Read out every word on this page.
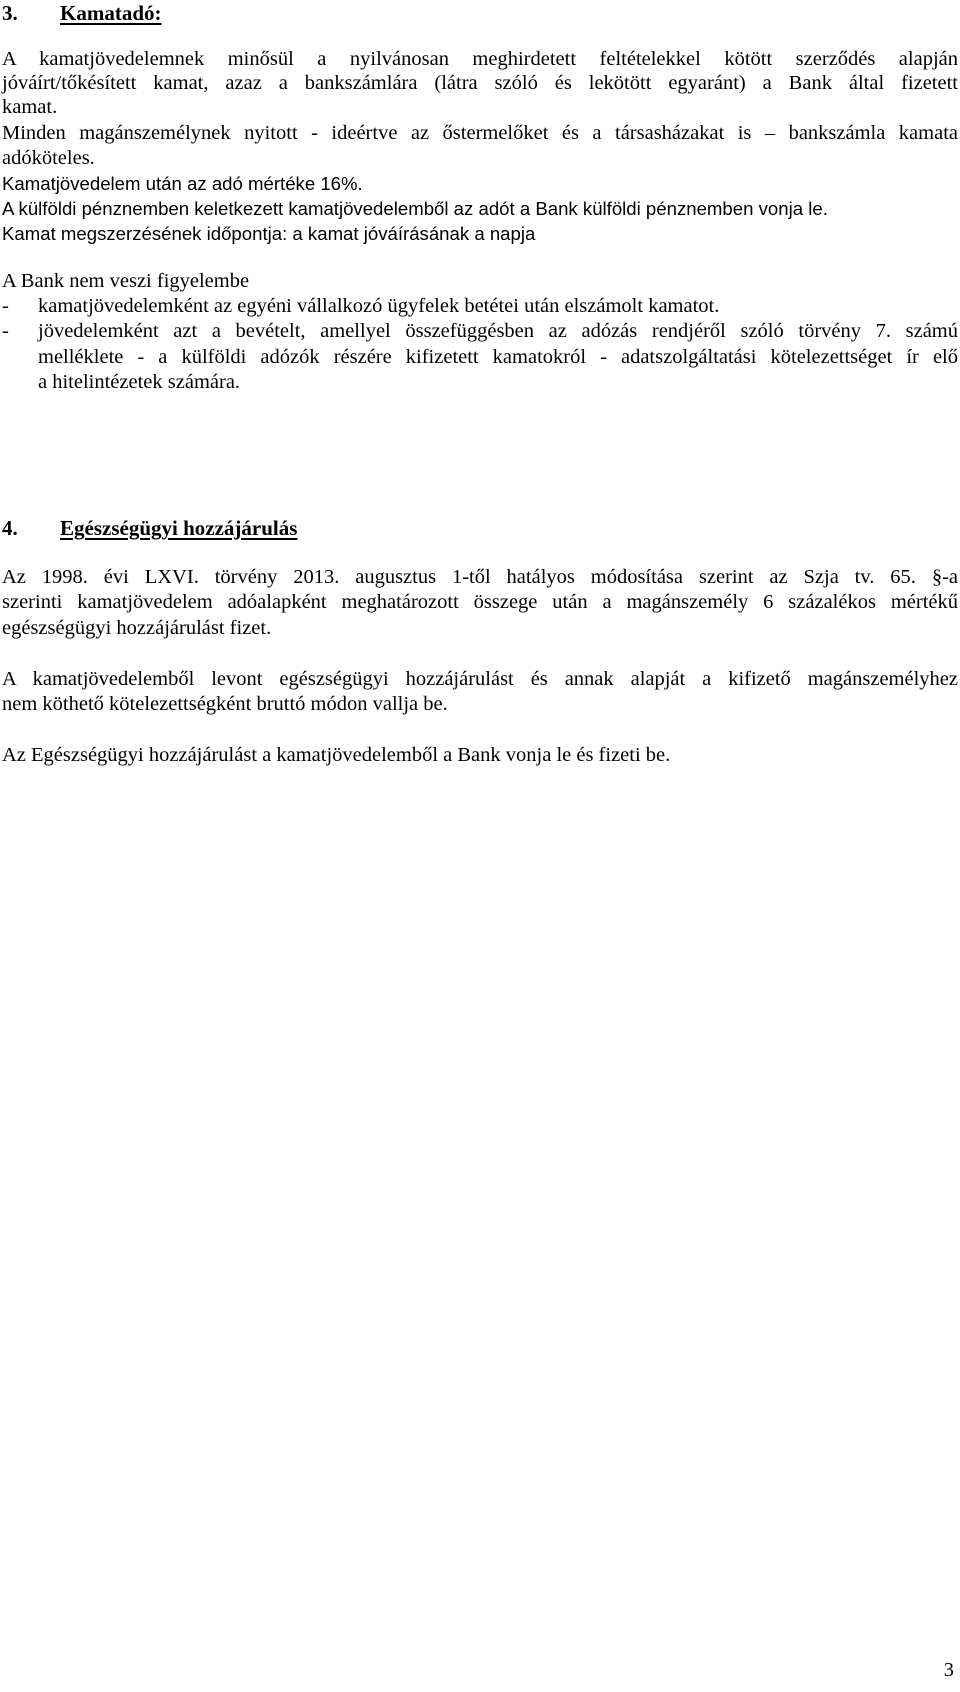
3. Kamatadó:
A kamatjövedelemnek minősül a nyilvánosan meghirdetett feltételekkel kötött szerződés alapján
jóváírt/tőkésített kamat, azaz a bankszámlára (látra szóló és lekötött egyaránt) a Bank által fizetett
kamat.
Minden magánszemélynek nyitott - ideértve az őstermelőket és a társasházakat is – bankszámla kamata
adóköteles.
Kamatjövedelem után az adó mértéke 16%.
A külföldi pénznemben keletkezett kamatjövedelemből az adót a Bank külföldi pénznemben vonja le.
Kamat megszerzésének időpontja: a kamat jóváírásának a napja
A Bank nem veszi figyelembe
- kamatjövedelemként az egyéni vállalkozó ügyfelek betétei után elszámolt kamatot.
- jövedelemként azt a bevételt, amellyel összefüggésben az adózás rendjéről szóló törvény 7. számú
melléklete - a külföldi adózók részére kifizetett kamatokról - adatszolgáltatási kötelezettséget ír elő
a hitelintézetek számára.
4. Egészségügyi hozzájárulás
Az 1998. évi LXVI. törvény 2013. augusztus 1-től hatályos módosítása szerint az Szja tv. 65. §-a
szerinti kamatjövedelem adóalapként meghatározott összege után a magánszemély 6 százalékos mértékű
egészségügyi hozzájárulást fizet.
A kamatjövedelemből levont egészségügyi hozzájárulást és annak alapját a kifizető magánszemélyhez
nem köthető kötelezettségként bruttó módon vallja be.
Az Egészségügyi hozzájárulást a kamatjövedelemből a Bank vonja le és fizeti be.
3
